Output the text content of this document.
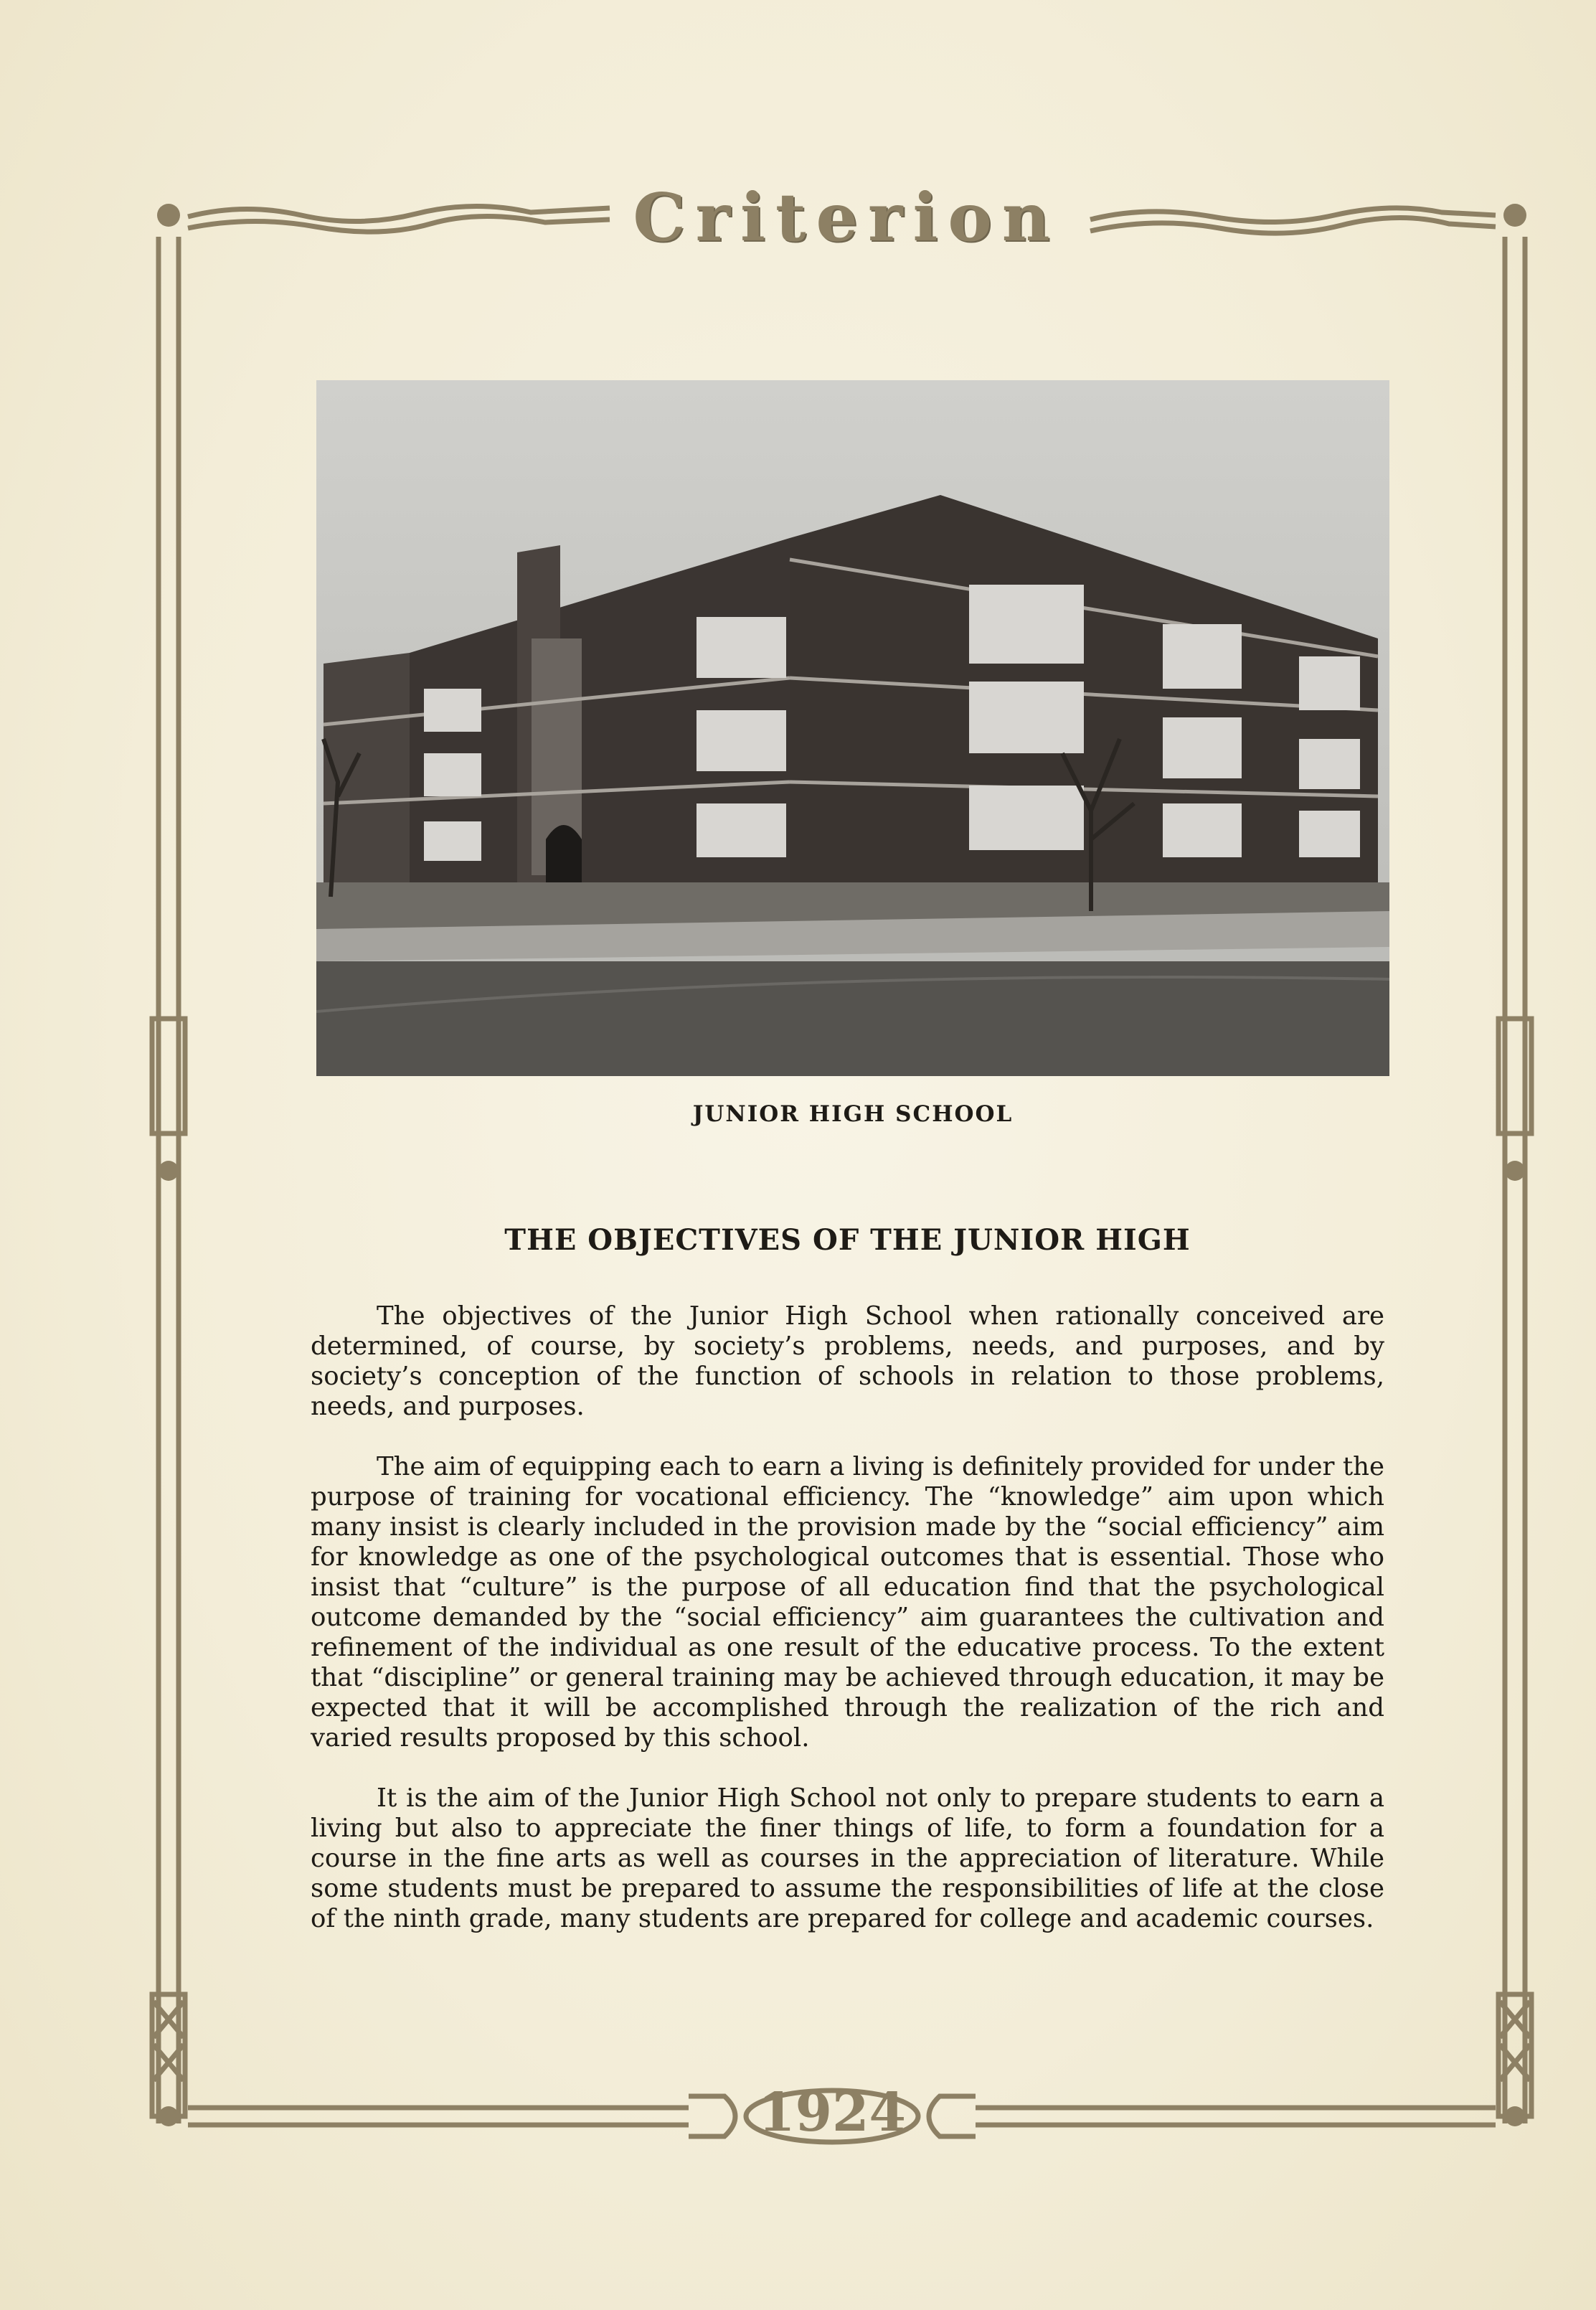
Criterion
JUNIOR HIGH SCHOOL
THE OBJECTIVES OF THE JUNIOR HIGH

The objectives of the Junior High School when rationally conceived are determined, of course, by society’s problems, needs, and purposes, and by society’s conception of the function of schools in relation to those problems, needs, and purposes.

The aim of equipping each to earn a living is definitely provided for under the purpose of training for vocational efficiency. The “knowledge” aim upon which many insist is clearly included in the provision made by the “social efficiency” aim for knowledge as one of the psychological outcomes that is essential. Those who insist that “culture” is the purpose of all education find that the psychological outcome demanded by the “social efficiency” aim guarantees the cultivation and refinement of the individual as one result of the educative process. To the extent that “discipline” or general training may be achieved through education, it may be expected that it will be accomplished through the realization of the rich and varied results proposed by this school.

It is the aim of the Junior High School not only to prepare students to earn a living but also to appreciate the finer things of life, to form a foundation for a course in the fine arts as well as courses in the appreciation of literature. While some students must be prepared to assume the responsibilities of life at the close of the ninth grade, many students are prepared for college and academic courses.

1924
